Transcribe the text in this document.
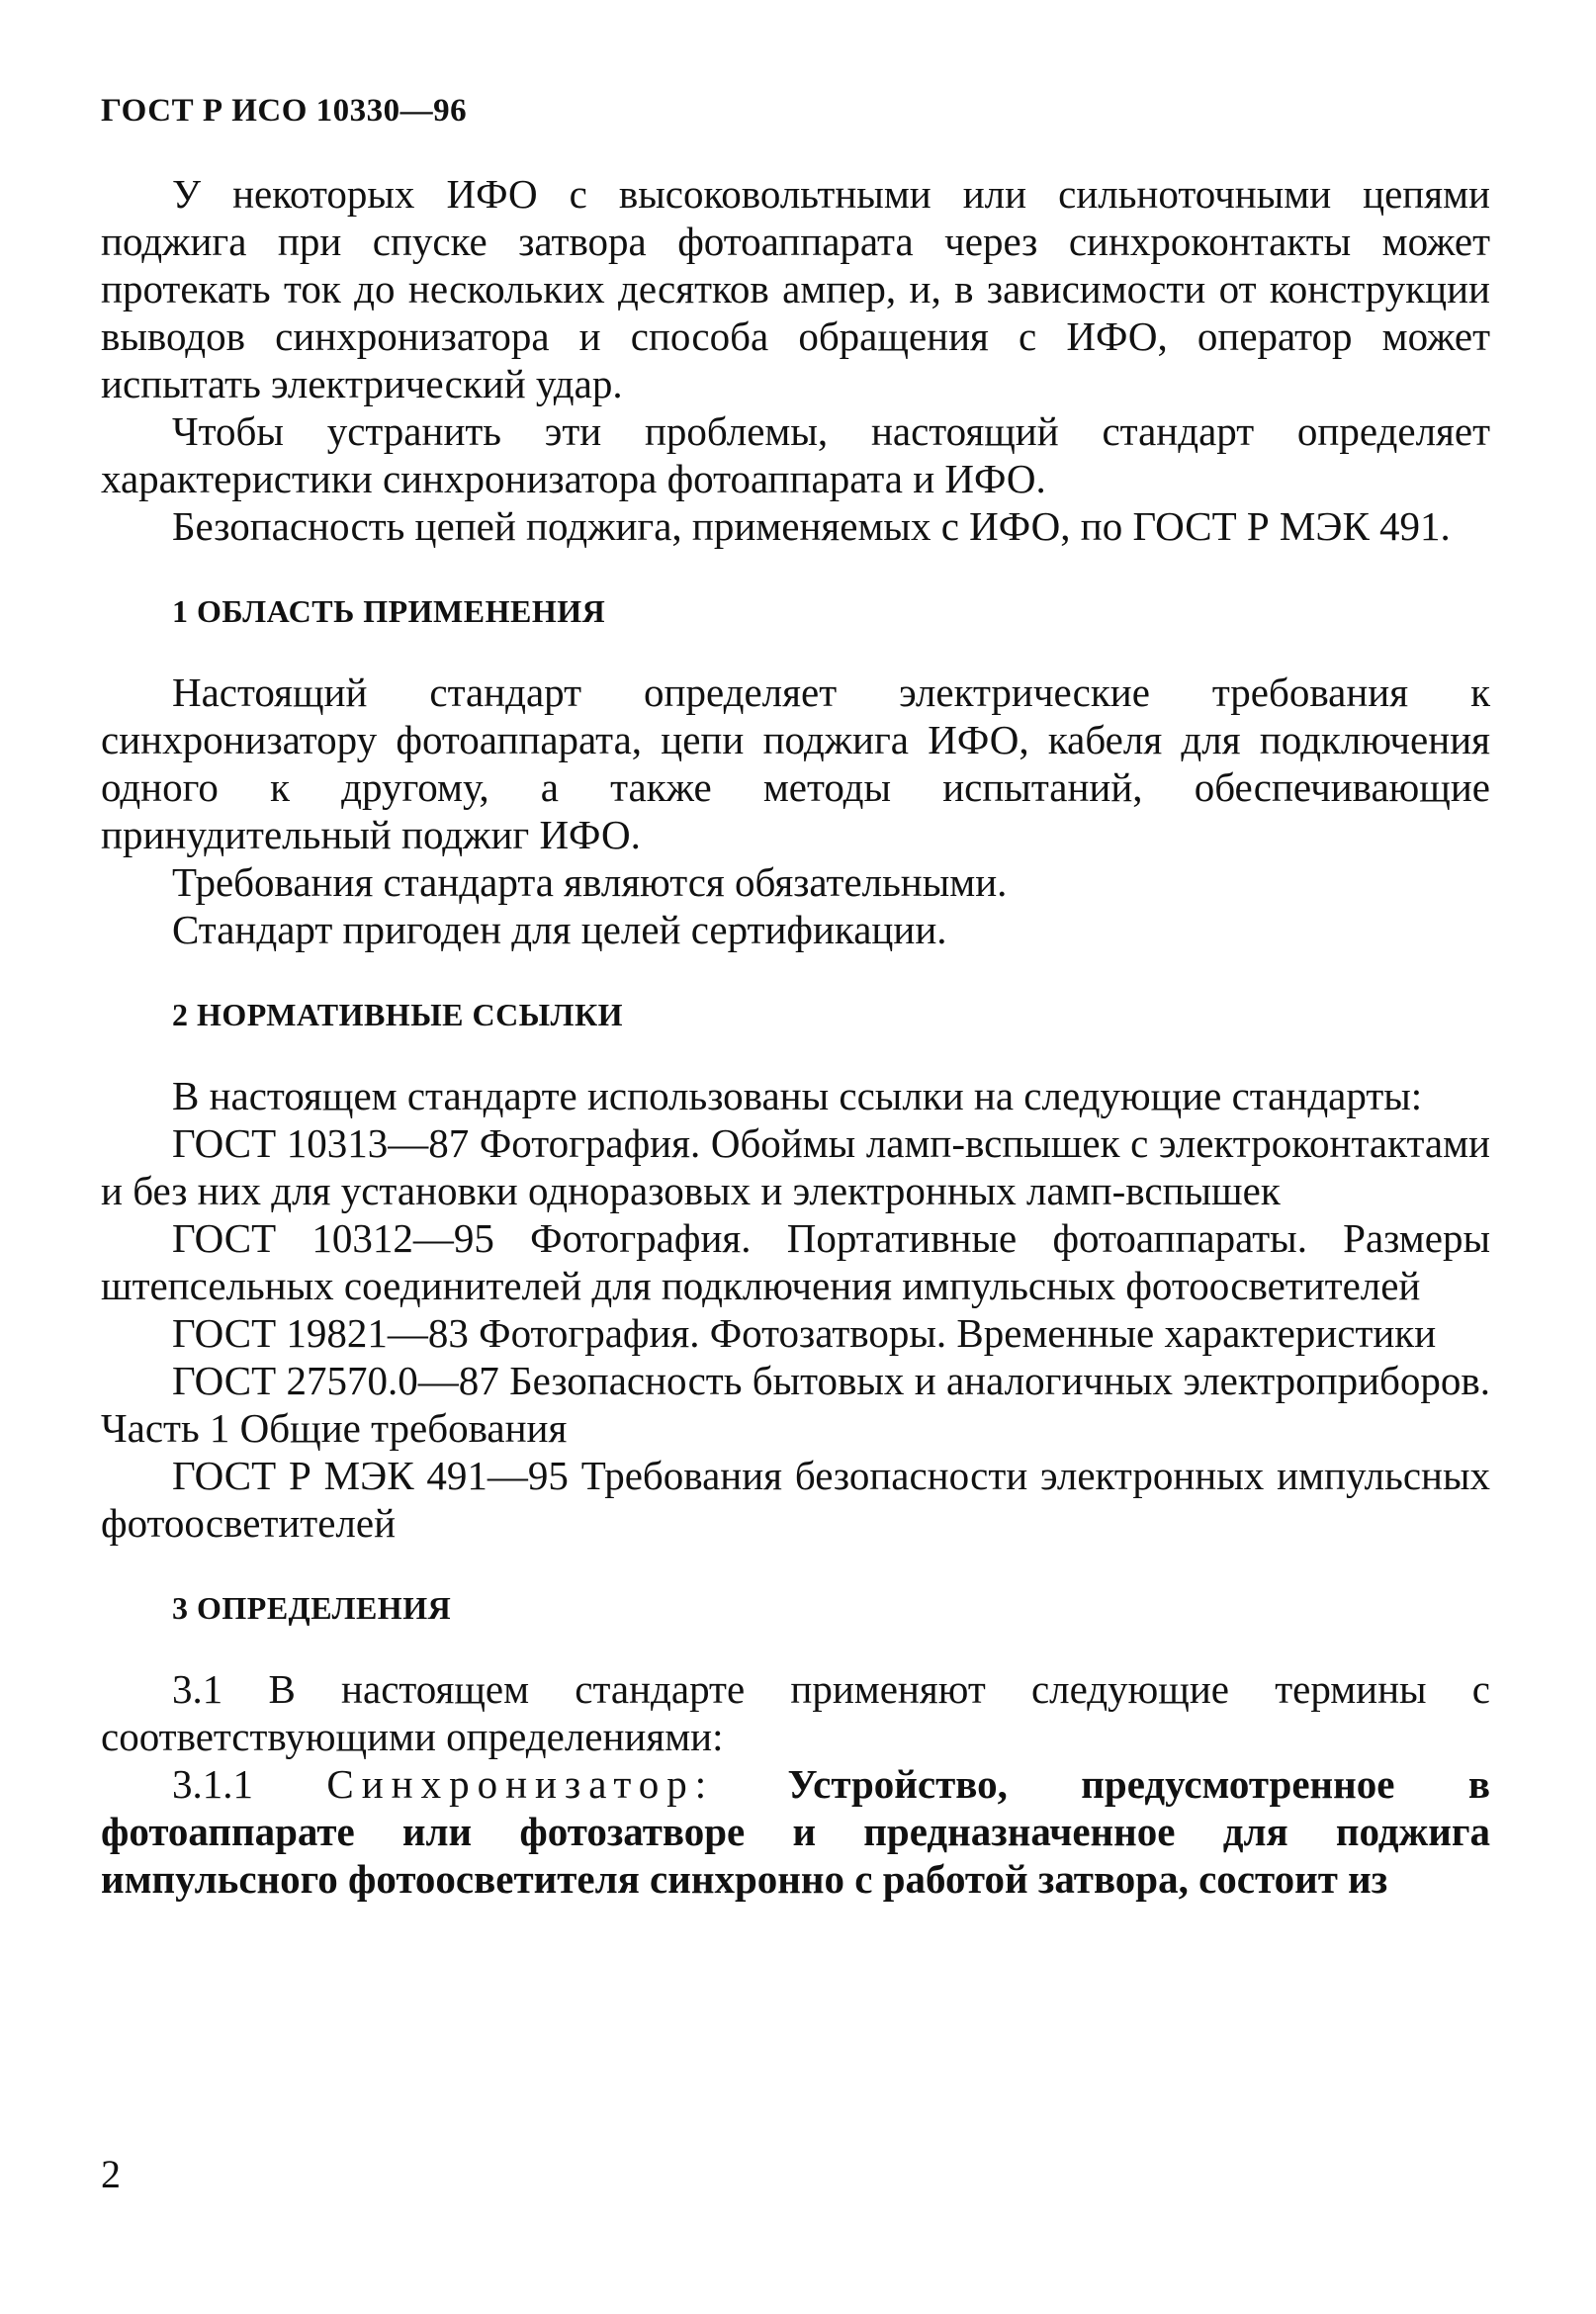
ГОСТ Р ИСО 10330—96

У некоторых ИФО с высоковольтными или сильноточными цепями поджига при спуске затвора фотоаппарата через синхроконтакты может протекать ток до нескольких десятков ампер, и, в зависимости от конструкции выводов синхронизатора и способа обращения с ИФО, оператор может испытать электрический удар.

Чтобы устранить эти проблемы, настоящий стандарт определяет характеристики синхронизатора фотоаппарата и ИФО.

Безопасность цепей поджига, применяемых с ИФО, по ГОСТ Р МЭК 491.

1 ОБЛАСТЬ ПРИМЕНЕНИЯ

Настоящий стандарт определяет электрические требования к синхронизатору фотоаппарата, цепи поджига ИФО, кабеля для подключения одного к другому, а также методы испытаний, обеспечивающие принудительный поджиг ИФО.

Требования стандарта являются обязательными.

Стандарт пригоден для целей сертификации.

2 НОРМАТИВНЫЕ ССЫЛКИ

В настоящем стандарте использованы ссылки на следующие стандарты:

ГОСТ 10313—87 Фотография. Обоймы ламп-вспышек с электроконтактами и без них для установки одноразовых и электронных ламп-вспышек

ГОСТ 10312—95 Фотография. Портативные фотоаппараты. Размеры штепсельных соединителей для подключения импульсных фотоосветителей

ГОСТ 19821—83 Фотография. Фотозатворы. Временные характеристики

ГОСТ 27570.0—87 Безопасность бытовых и аналогичных электроприборов. Часть 1 Общие требования

ГОСТ Р МЭК 491—95 Требования безопасности электронных импульсных фотоосветителей

3 ОПРЕДЕЛЕНИЯ

3.1 В настоящем стандарте применяют следующие термины с соответствующими определениями:

3.1.1 Синхронизатор: Устройство, предусмотренное в фотоаппарате или фотозатворе и предназначенное для поджига импульсного фотоосветителя синхронно с работой затвора, состоит из

2
